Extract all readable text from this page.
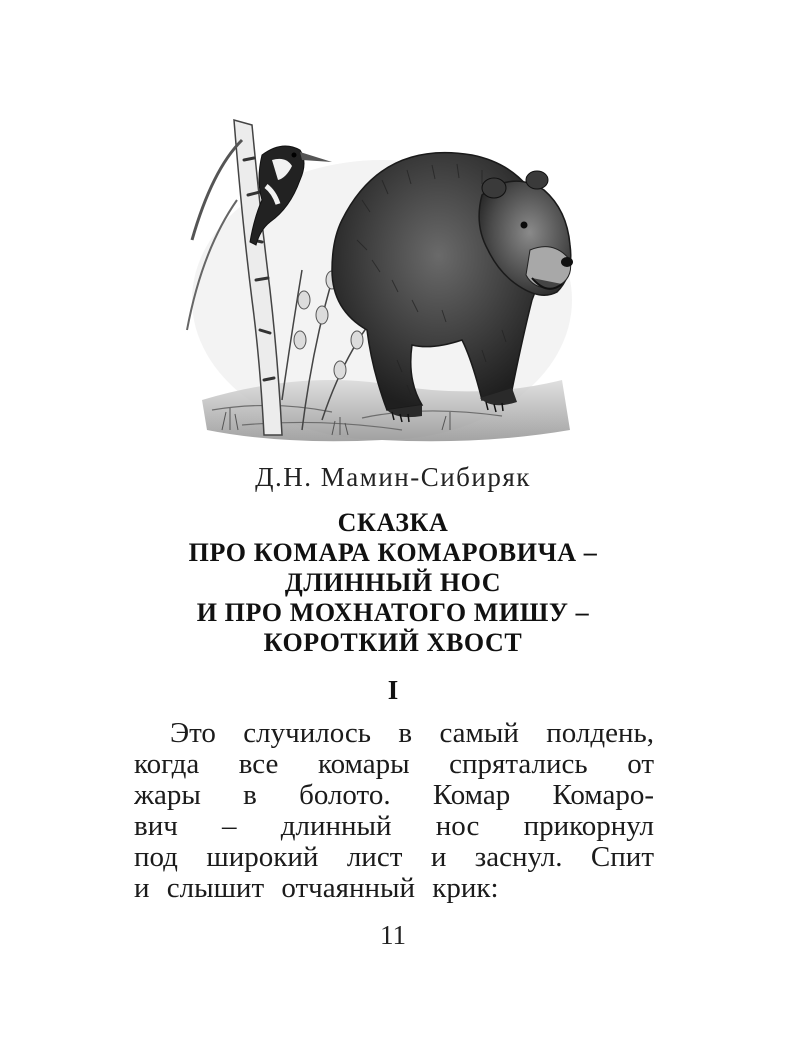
Д.Н. Мамин-Сибиряк
СКАЗКА
ПРО КОМАРА КОМАРОВИЧА –
ДЛИННЫЙ НОС
И ПРО МОХНАТОГО МИШУ –
КОРОТКИЙ ХВОСТ
I
Это случилось в самый полдень,
когда все комары спрятались от
жары в болото. Комар Комаро-
вич – длинный нос прикорнул
под широкий лист и заснул. Спит
и слышит отчаянный крик:
11
